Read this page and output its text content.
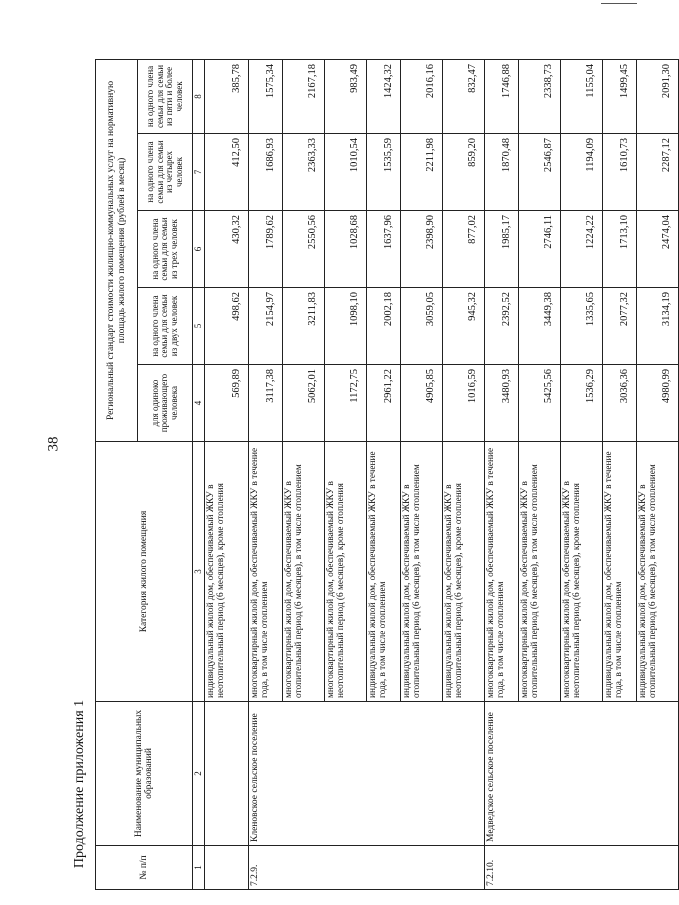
38
Продолжение приложения 1	№ п/п	Наименование муниципальных образований	Категория жилого помещения	Региональный стандарт стоимости жилищно-коммунальных услуг на нормативную площадь жилого помещения (рублей в месяц)				
			для одиноко проживающего человека	на одного члена семьи для семьи из двух человек	на одного члена семьи для семьи из трех человек	на одного члена семьи для семьи из четырех человек	на одного члена семьи для семьи из пяти и более человек
1	2	3	4	5	6	7	8
		индивидуальный жилой дом, обеспечиваемый ЖКУ в неотопительный период (6 месяцев), кроме отопления	569,89	498,62	430,32	412,50	385,78
7.2.9.	Кленовское сельское поселение	многоквартирный жилой дом, обеспечиваемый ЖКУ в течение года, в том числе отоплением	3117,38	2154,97	1789,62	1686,93	1575,34
		многоквартирный жилой дом, обеспечиваемый ЖКУ в отопительный период (6 месяцев), в том числе отоплением	5062,01	3211,83	2550,56	2363,33	2167,18
		многоквартирный жилой дом, обеспечиваемый ЖКУ в неотопительный период (6 месяцев), кроме отопления	1172,75	1098,10	1028,68	1010,54	983,49
		индивидуальный жилой дом, обеспечиваемый ЖКУ в течение года, в том числе отоплением	2961,22	2002,18	1637,96	1535,59	1424,32
		индивидуальный жилой дом, обеспечиваемый ЖКУ в отопительный период (6 месяцев), в том числе отоплением	4905,85	3059,05	2398,90	2211,98	2016,16
		индивидуальный жилой дом, обеспечиваемый ЖКУ в неотопительный период (6 месяцев), кроме отопления	1016,59	945,32	877,02	859,20	832,47
7.2.10.	Медведское сельское поселение	многоквартирный жилой дом, обеспечиваемый ЖКУ в течение года, в том числе отоплением	3480,93	2392,52	1985,17	1870,48	1746,88
		многоквартирный жилой дом, обеспечиваемый ЖКУ в отопительный период (6 месяцев), в том числе отоплением	5425,56	3449,38	2746,11	2546,87	2338,73
		многоквартирный жилой дом, обеспечиваемый ЖКУ в неотопительный период (6 месяцев), кроме отопления	1536,29	1335,65	1224,22	1194,09	1155,04
		индивидуальный жилой дом, обеспечиваемый ЖКУ в течение года, в том числе отоплением	3036,36	2077,32	1713,10	1610,73	1499,45
		индивидуальный жилой дом, обеспечиваемый ЖКУ в отопительный период (6 месяцев), в том числе отоплением	4980,99	3134,19	2474,04	2287,12	2091,30
